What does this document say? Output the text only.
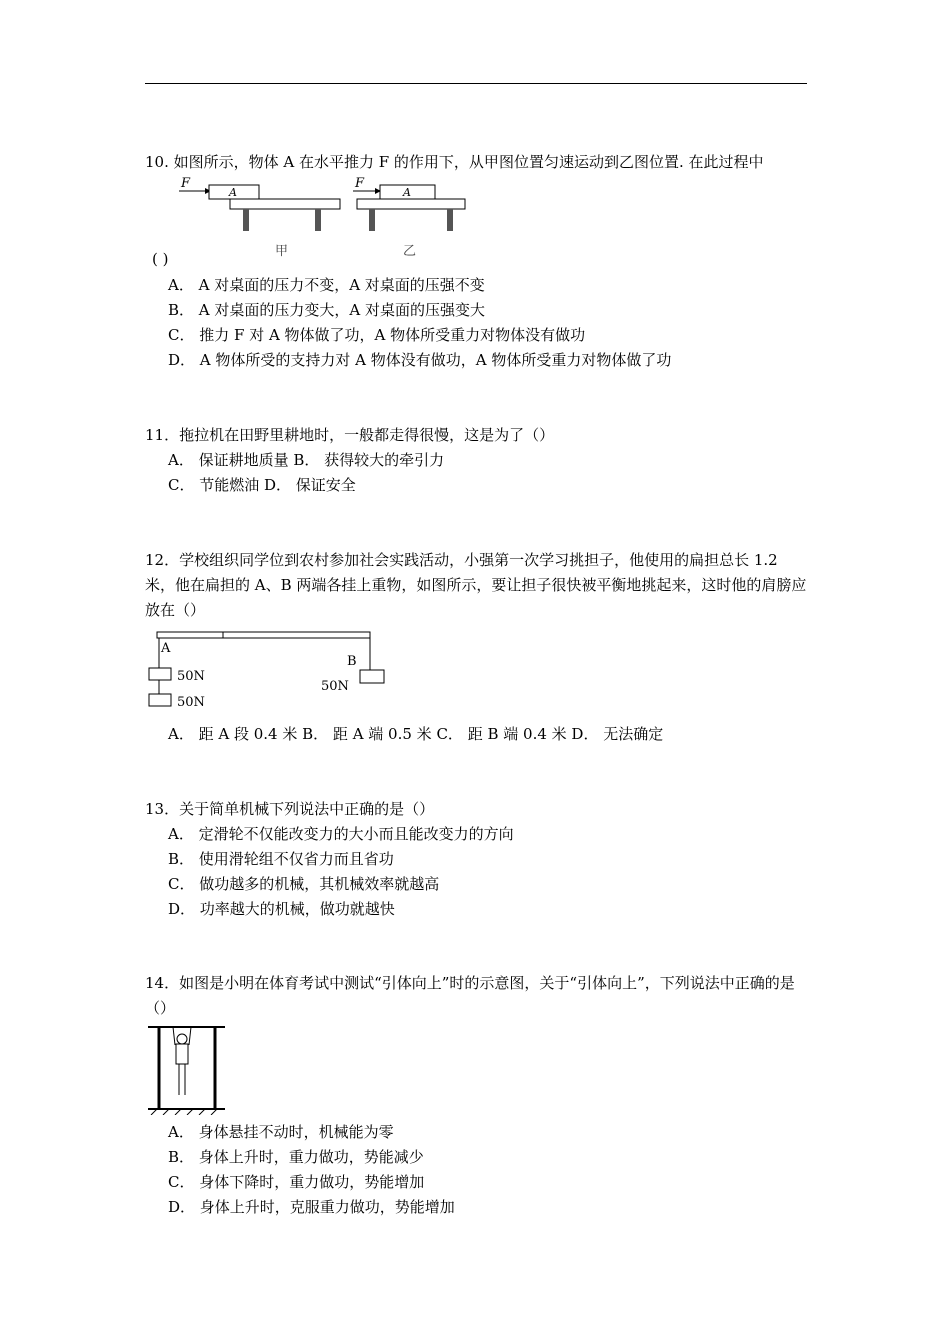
10. 如图所示，物体 A 在水平推力 F 的作用下，从甲图位置匀速运动到乙图位置. 在此过程中
F
A
甲
F
A
乙
( )
A． A 对桌面的压力不变，A 对桌面的压强不变
B． A 对桌面的压力变大，A 对桌面的压强变大
C． 推力 F 对 A 物体做了功，A 物体所受重力对物体没有做功
D． A 物体所受的支持力对 A 物体没有做功，A 物体所受重力对物体做了功
11．拖拉机在田野里耕地时，一般都走得很慢，这是为了（）
A． 保证耕地质量 B． 获得较大的牵引力
C． 节能燃油 D． 保证安全
12．学校组织同学位到农村参加社会实践活动，小强第一次学习挑担子，他使用的扁担总长 1.2 米，他在扁担的 A、B 两端各挂上重物，如图所示，要让担子很快被平衡地挑起来，这时他的肩膀应放在（）
A
50N
50N
B
50N
A． 距 A 段 0.4 米 B． 距 A 端 0.5 米 C． 距 B 端 0.4 米 D． 无法确定
13．关于简单机械下列说法中正确的是（）
A． 定滑轮不仅能改变力的大小而且能改变力的方向
B． 使用滑轮组不仅省力而且省功
C． 做功越多的机械，其机械效率就越高
D． 功率越大的机械，做功就越快
14．如图是小明在体育考试中测试“引体向上”时的示意图，关于“引体向上”，下列说法中正确的是（）
A． 身体悬挂不动时，机械能为零
B． 身体上升时，重力做功，势能减少
C． 身体下降时，重力做功，势能增加
D． 身体上升时，克服重力做功，势能增加
